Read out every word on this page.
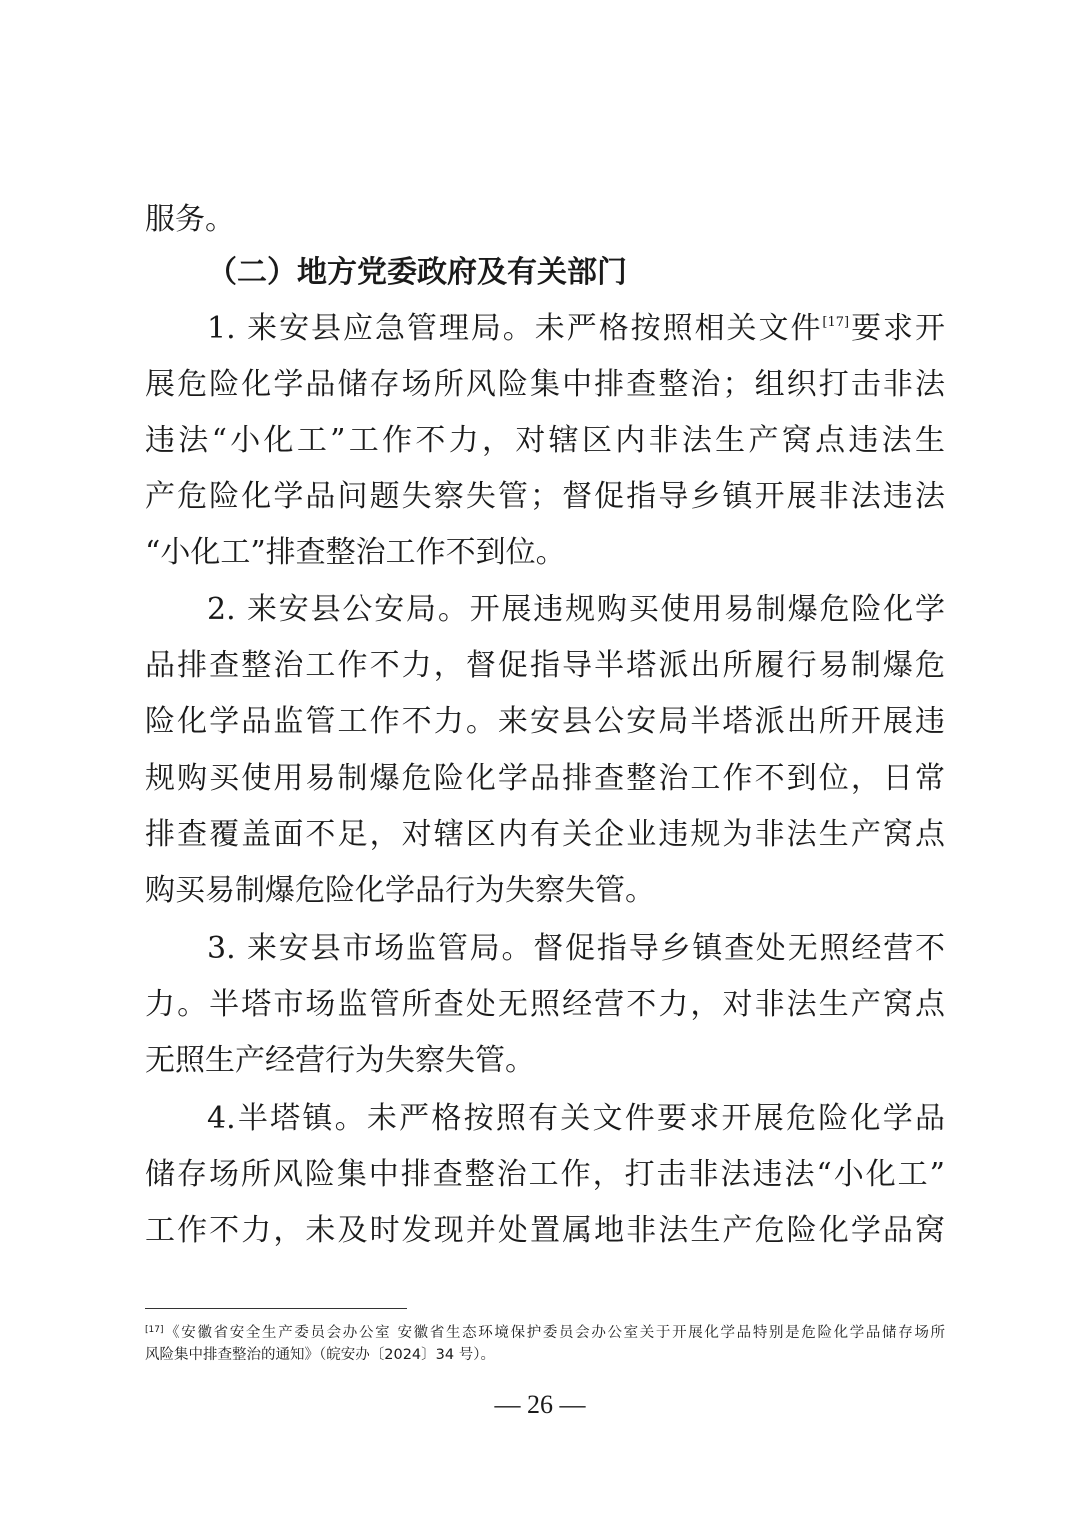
服务。
（二）地方党委政府及有关部门
1. 来安县应急管理局。未严格按照相关文件[17]要求开
展危险化学品储存场所风险集中排查整治；组织打击非法
违法“小化工”工作不力，对辖区内非法生产窝点违法生
产危险化学品问题失察失管；督促指导乡镇开展非法违法
“小化工”排查整治工作不到位。
2. 来安县公安局。开展违规购买使用易制爆危险化学
品排查整治工作不力，督促指导半塔派出所履行易制爆危
险化学品监管工作不力。来安县公安局半塔派出所开展违
规购买使用易制爆危险化学品排查整治工作不到位，日常
排查覆盖面不足，对辖区内有关企业违规为非法生产窝点
购买易制爆危险化学品行为失察失管。
3. 来安县市场监管局。督促指导乡镇查处无照经营不
力。半塔市场监管所查处无照经营不力，对非法生产窝点
无照生产经营行为失察失管。
4.半塔镇。未严格按照有关文件要求开展危险化学品
储存场所风险集中排查整治工作，打击非法违法“小化工”
工作不力，未及时发现并处置属地非法生产危险化学品窝
[17]《安徽省安全生产委员会办公室 安徽省生态环境保护委员会办公室关于开展化学品特别是危险化学品储存场所
风险集中排查整治的通知》（皖安办〔2024〕34 号）。
— 26 —
